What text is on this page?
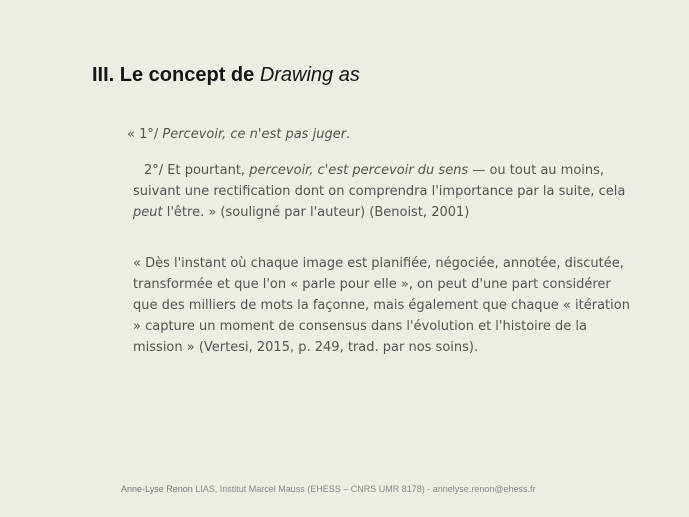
III. Le concept de Drawing as
« 1°/ Percevoir, ce n'est pas juger.
2°/ Et pourtant, percevoir, c'est percevoir du sens — ou tout au moins, suivant une rectification dont on comprendra l'importance par la suite, cela peut l'être. » (souligné par l'auteur) (Benoist, 2001)
« Dès l'instant où chaque image est planifiée, négociée, annotée, discutée, transformée et que l'on « parle pour elle », on peut d'une part considérer que des milliers de mots la façonne, mais également que chaque « itération » capture un moment de consensus dans l'évolution et l'histoire de la mission » (Vertesi, 2015, p. 249, trad. par nos soins).
Anne-Lyse Renon LIAS, Institut Marcel Mauss (EHESS – CNRS UMR 8178) - annelyse.renon@ehess.fr
